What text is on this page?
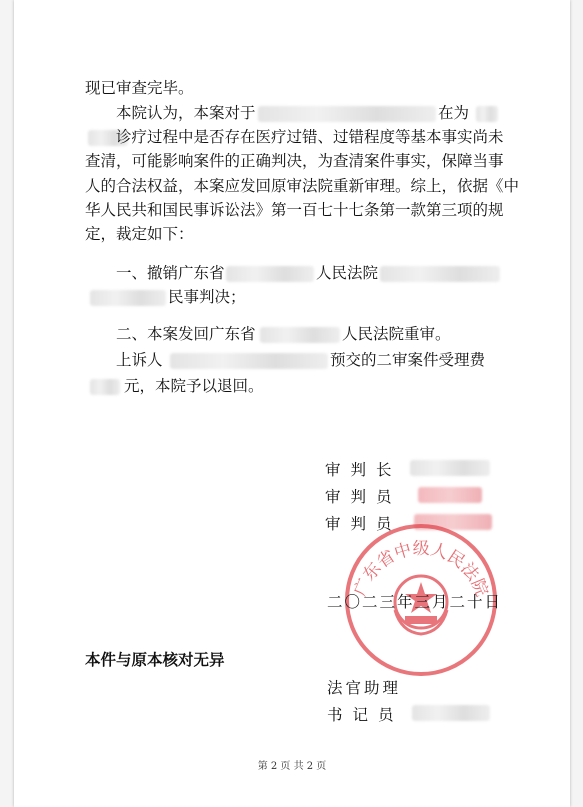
现已审查完毕。
本院认为，本案对于	在为
诊疗过程中是否存在医疗过错、过错程度等基本事实尚未
查清，可能影响案件的正确判决，为查清案件事实，保障当事
人的合法权益，本案应发回原审法院重新审理。综上，依据《中
华人民共和国民事诉讼法》第一百七十七条第一款第三项的规
定，裁定如下：
一、撤销广东省	人民法院
民事判决；
二、本案发回广东省	人民法院重审。
上诉人	预交的二审案件受理费
元，本院予以退回。
审判长
审判员
审判员
广东省中级人民法院
二〇二三年三月二十日
本件与原本核对无异
法官助理
书记员
第 2 页 共 2 页
